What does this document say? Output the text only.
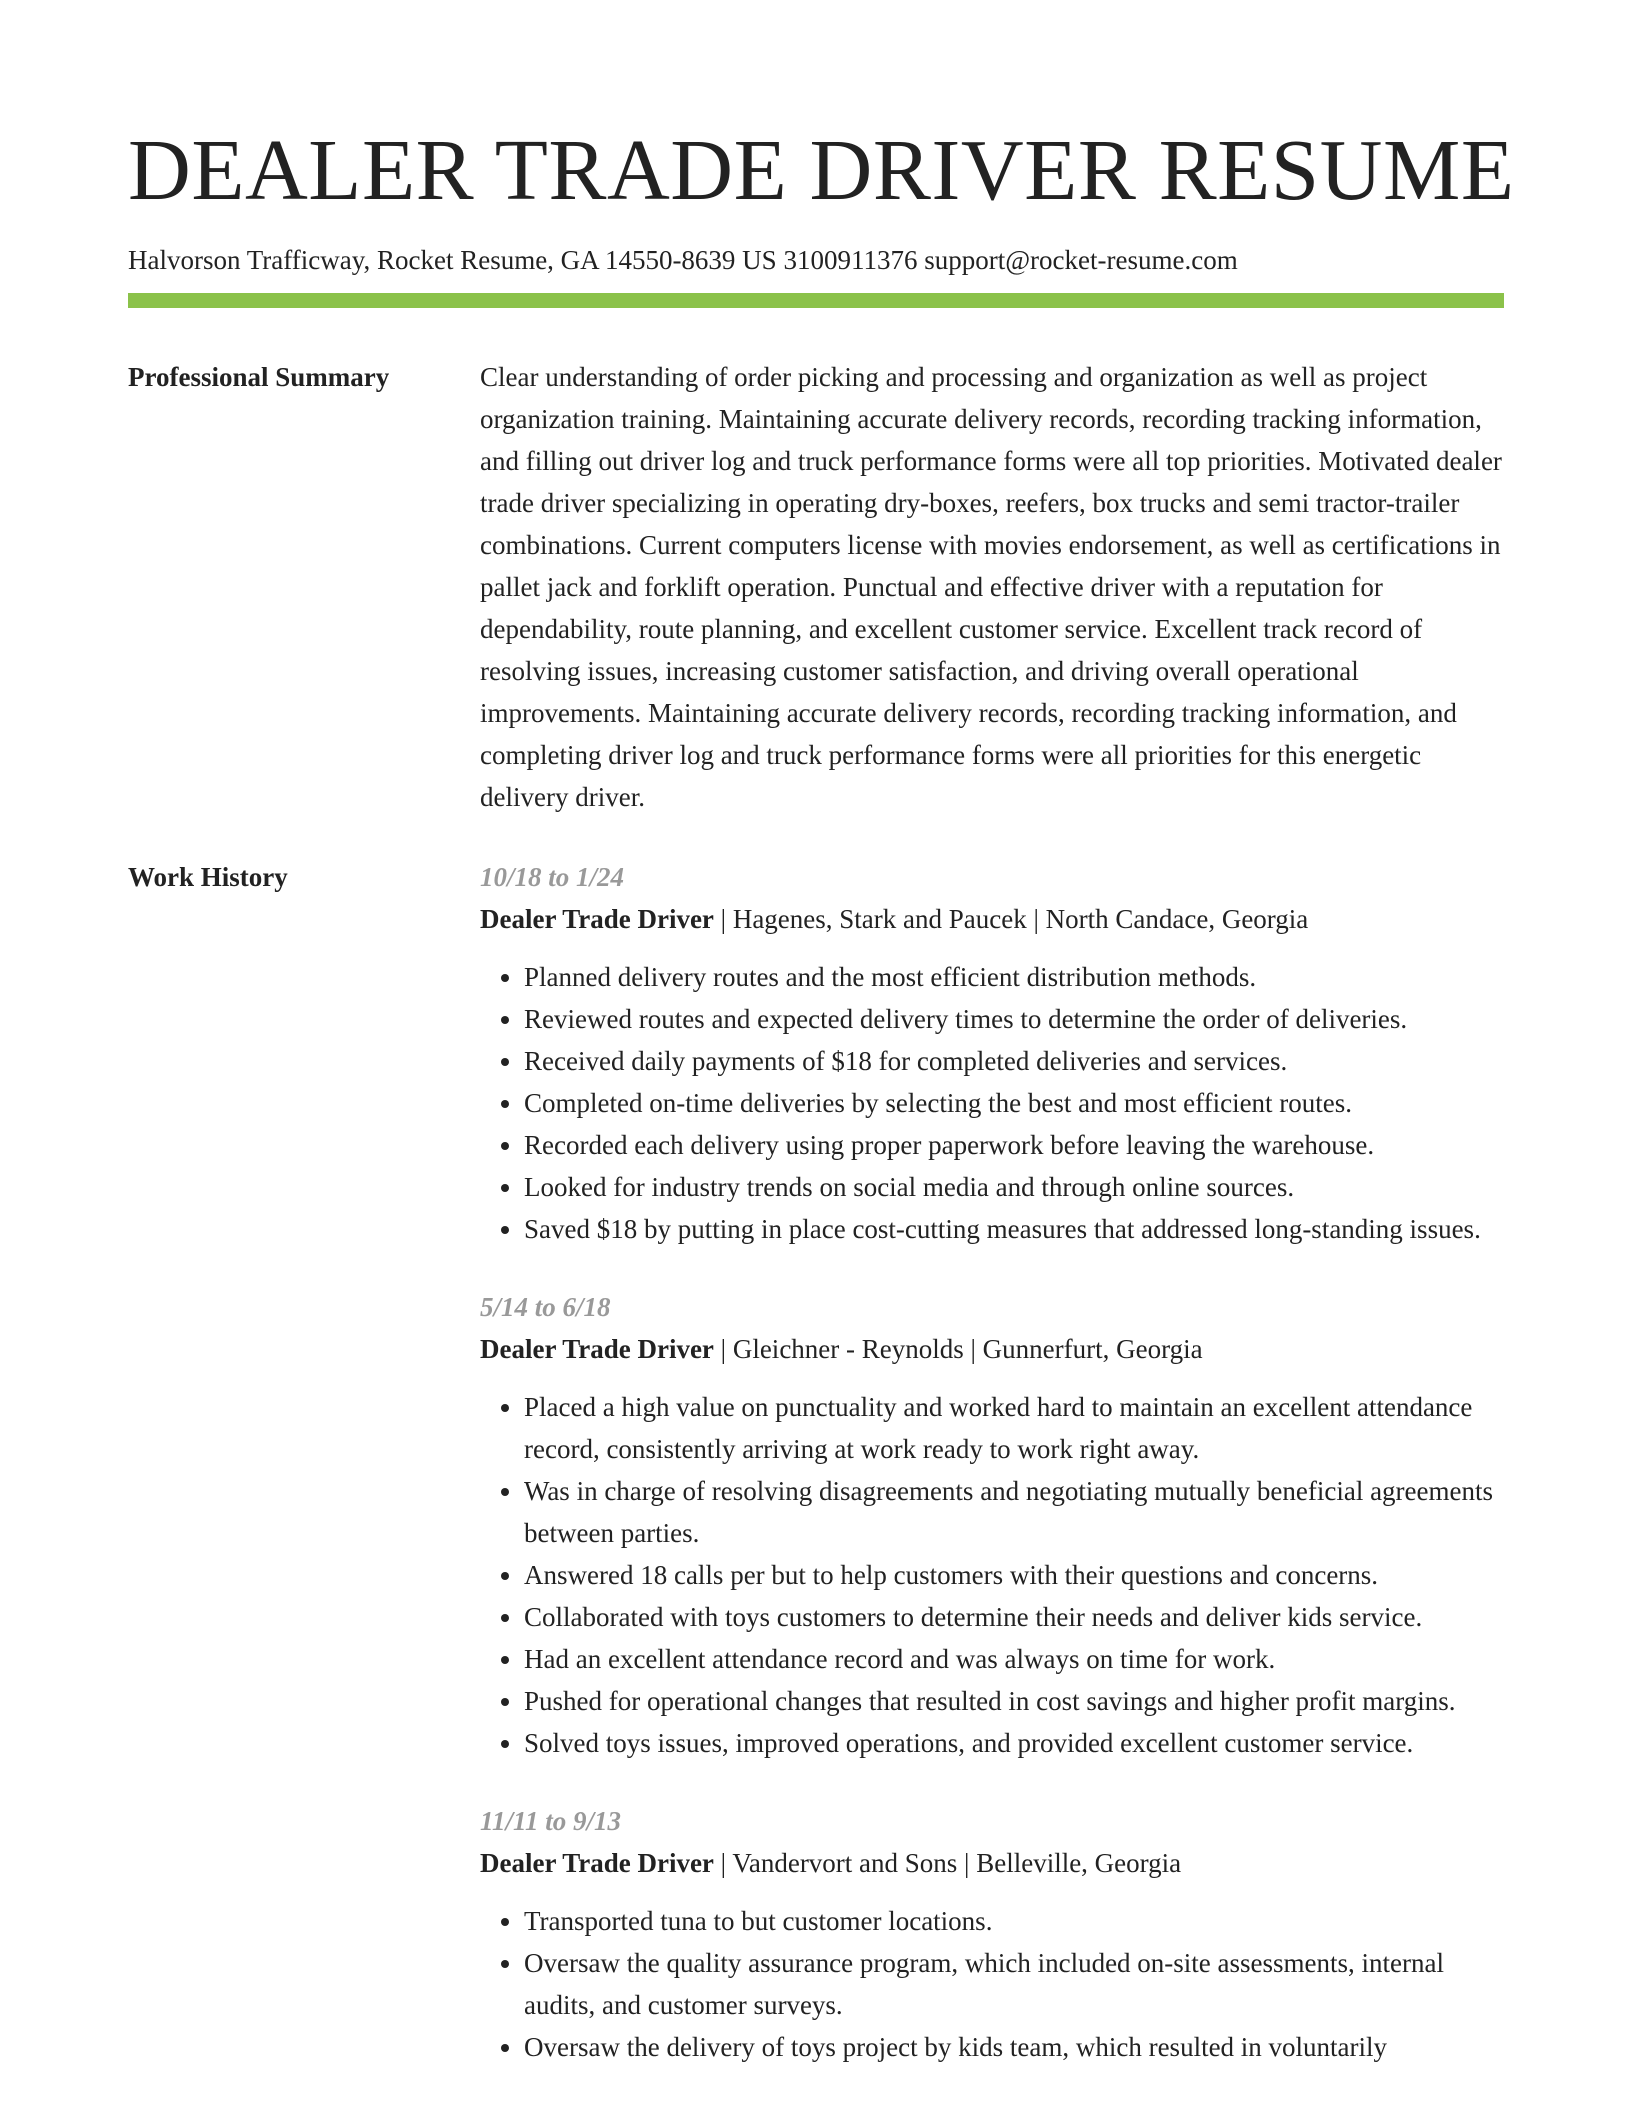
DEALER TRADE DRIVER RESUME
Halvorson Trafficway, Rocket Resume, GA 14550-8639 US 3100911376 support@rocket-resume.com
Professional Summary	Clear understanding of order picking and processing and organization as well as project organization training. Maintaining accurate delivery records, recording tracking information, and filling out driver log and truck performance forms were all top priorities. Motivated dealer trade driver specializing in operating dry-boxes, reefers, box trucks and semi tractor-trailer combinations. Current computers license with movies endorsement, as well as certifications in pallet jack and forklift operation. Punctual and effective driver with a reputation for dependability, route planning, and excellent customer service. Excellent track record of resolving issues, increasing customer satisfaction, and driving overall operational improvements. Maintaining accurate delivery records, recording tracking information, and completing driver log and truck performance forms were all priorities for this energetic delivery driver.

Work History	10/18 to 1/24
Dealer Trade Driver | Hagenes, Stark and Paucek | North Candace, Georgia
• Planned delivery routes and the most efficient distribution methods.
• Reviewed routes and expected delivery times to determine the order of deliveries.
• Received daily payments of $18 for completed deliveries and services.
• Completed on-time deliveries by selecting the best and most efficient routes.
• Recorded each delivery using proper paperwork before leaving the warehouse.
• Looked for industry trends on social media and through online sources.
• Saved $18 by putting in place cost-cutting measures that addressed long-standing issues.
5/14 to 6/18
Dealer Trade Driver | Gleichner - Reynolds | Gunnerfurt, Georgia
• Placed a high value on punctuality and worked hard to maintain an excellent attendance record, consistently arriving at work ready to work right away.
• Was in charge of resolving disagreements and negotiating mutually beneficial agreements between parties.
• Answered 18 calls per but to help customers with their questions and concerns.
• Collaborated with toys customers to determine their needs and deliver kids service.
• Had an excellent attendance record and was always on time for work.
• Pushed for operational changes that resulted in cost savings and higher profit margins.
• Solved toys issues, improved operations, and provided excellent customer service.
11/11 to 9/13
Dealer Trade Driver | Vandervort and Sons | Belleville, Georgia
• Transported tuna to but customer locations.
• Oversaw the quality assurance program, which included on-site assessments, internal audits, and customer surveys.
• Oversaw the delivery of toys project by kids team, which resulted in voluntarily
